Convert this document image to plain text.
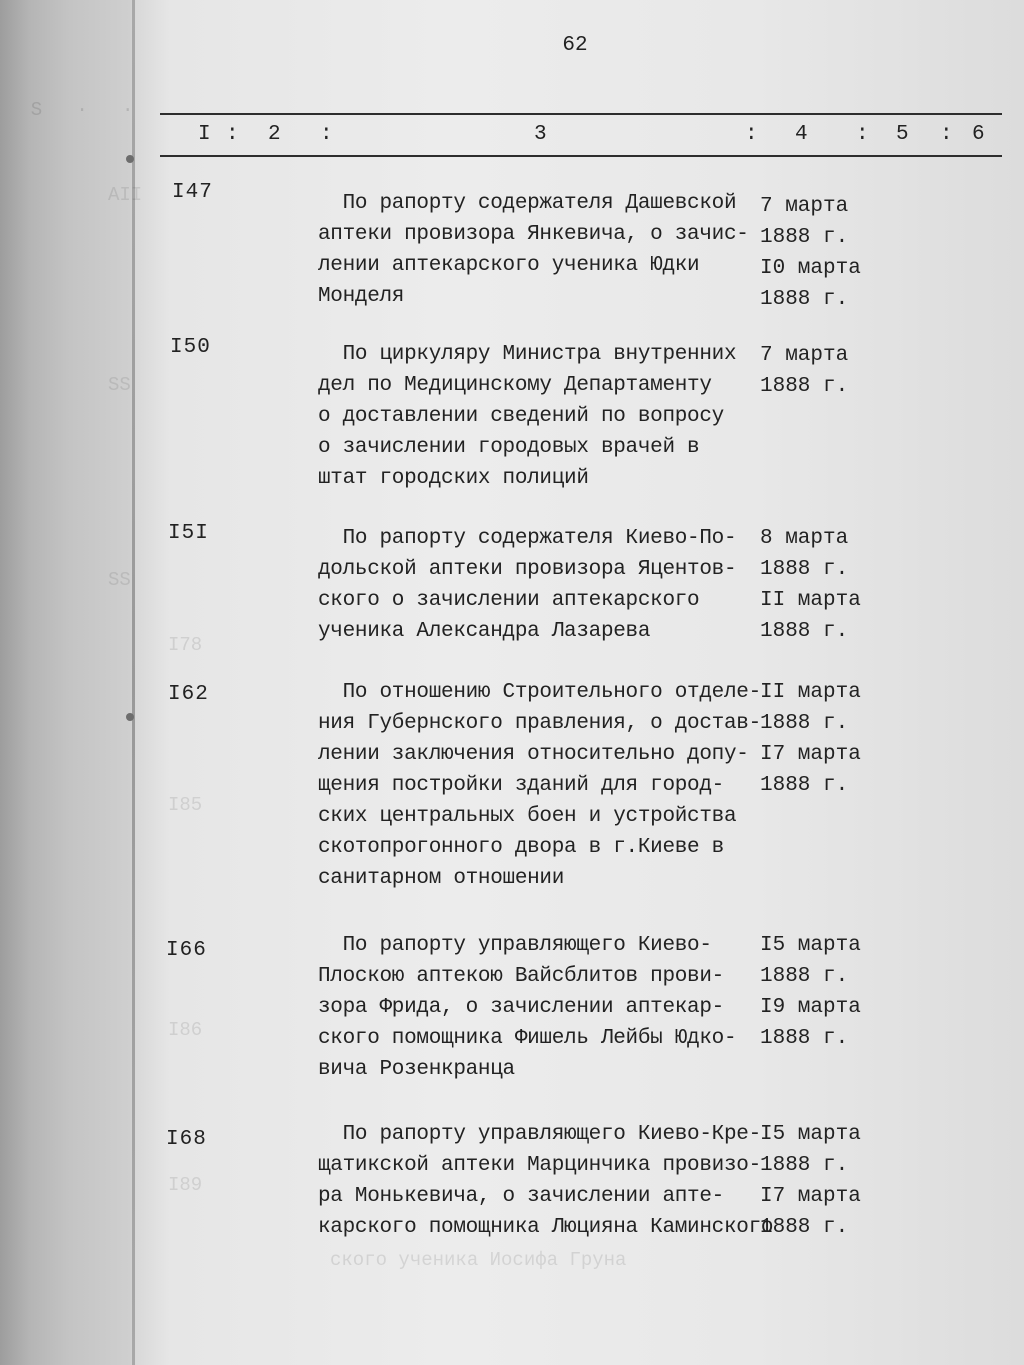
S   ·   ·
AII
SS
SS
I78
I85
I86
I89
62
I : 2 :	3	: 4 : 5 : 6
I47	По рапорту содержателя Дашевской
аптеки провизора Янкевича, о зачис-
лении аптекарского ученика Юдки
Монделя
7 марта
1888 г.
I0 марта
1888 г.
I50	По циркуляру Министра внутренних
дел по Медицинскому Департаменту
о доставлении сведений по вопросу
о зачислении городовых врачей в
штат городских полиций
7 марта
1888 г.
I5I	По рапорту содержателя Киево-По-
дольской аптеки провизора Яцентов-
ского о зачислении аптекарского
ученика Александра Лазарева
8 марта
1888 г.
II марта
1888 г.
I62	По отношению Строительного отделе-
ния Губернского правления, о достав-
лении заключения относительно допу-
щения постройки зданий для город-
ских центральных боен и устройства
скотопрогонного двора в г.Киеве в
санитарном отношении
II марта
1888 г.
I7 марта
1888 г.
I66	По рапорту управляющего Киево-
Плоскою аптекою Вайсблитов прови-
зора Фрида, о зачислении аптекар-
ского помощника Фишель Лейбы Юдко-
вича Розенкранца
I5 марта
1888 г.
I9 марта
1888 г.
I68	По рапорту управляющего Киево-Кре-
щатикской аптеки Марцинчика провизо-
ра Монькевича, о зачислении апте-
карского помощника Люцияна Каминского
I5 марта
1888 г.
I7 марта
1888 г.
ского ученика Иосифа Груна
